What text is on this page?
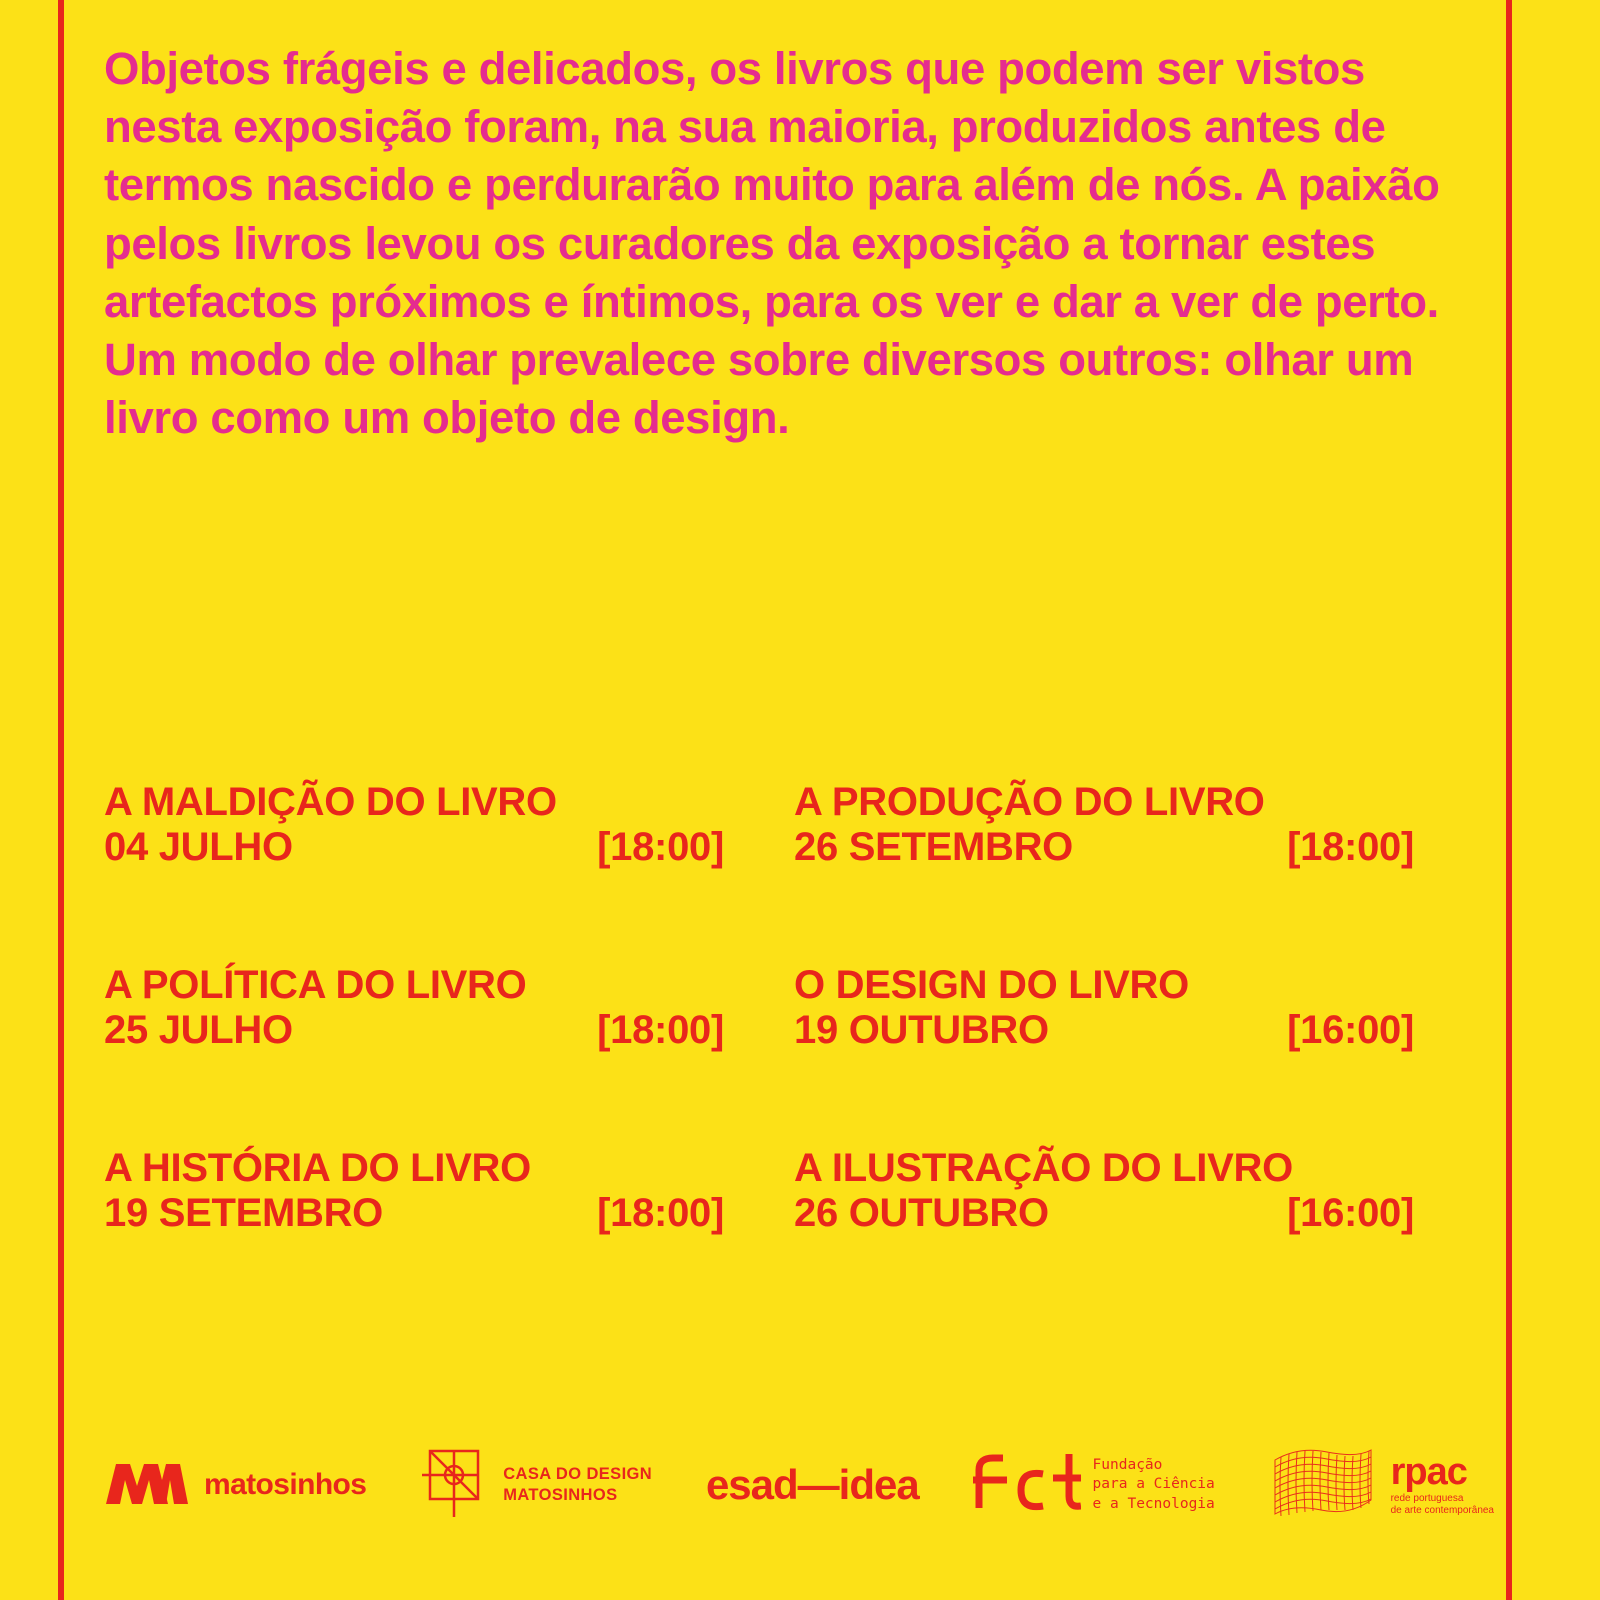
Objetos frágeis e delicados, os livros que podem ser vistos nesta exposição foram, na sua maioria, produzidos antes de termos nascido e perdurarão muito para além de nós. A paixão pelos livros levou os curadores da exposição a tornar estes artefactos próximos e íntimos, para os ver e dar a ver de perto. Um modo de olhar prevalece sobre diversos outros: olhar um livro como um objeto de design.
A MALDIÇÃO DO LIVRO
04 JULHO	[18:00]
A PRODUÇÃO DO LIVRO
26 SETEMBRO	[18:00]
A POLÍTICA DO LIVRO
25 JULHO	[18:00]
O DESIGN DO LIVRO
19 OUTUBRO	[16:00]
A HISTÓRIA DO LIVRO
19 SETEMBRO	[18:00]
A ILUSTRAÇÃO DO LIVRO
26 OUTUBRO	[16:00]
matosinhos	CASA DO DESIGN
MATOSINHOS	esad—idea	Fundação
para a Ciência
e a Tecnologia
rpac
rede portuguesa
de arte contemporânea
